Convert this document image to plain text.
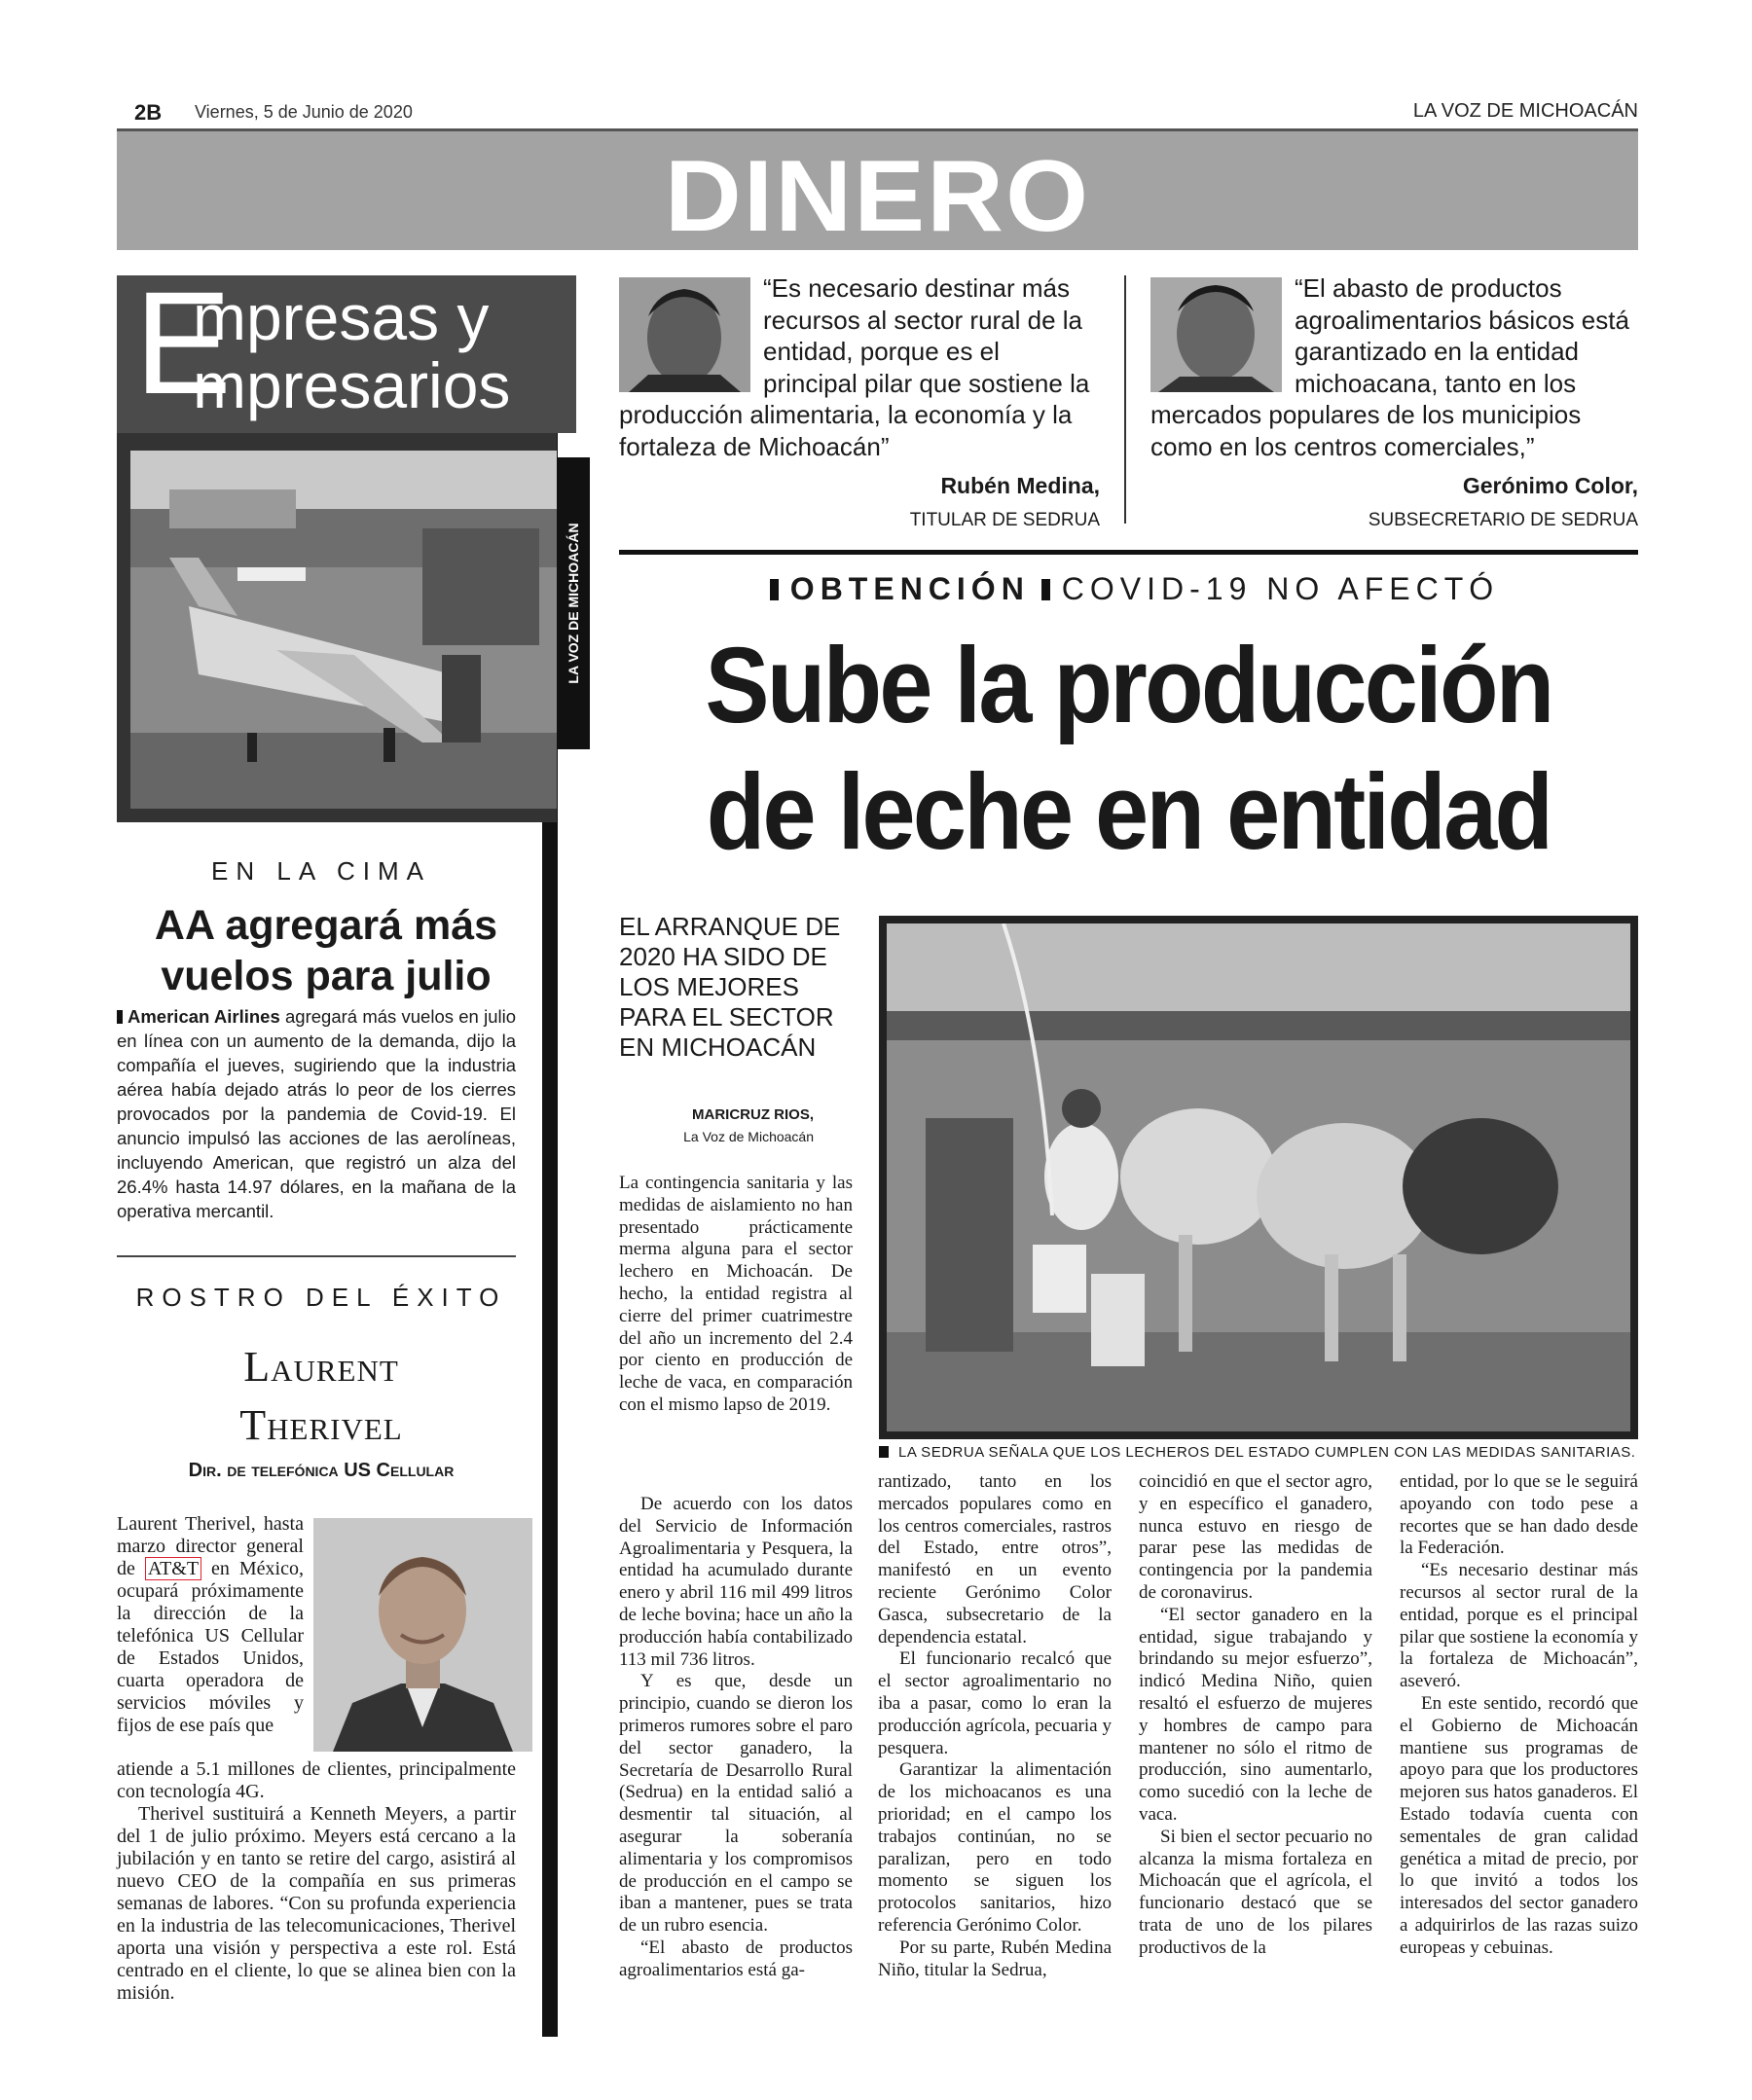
2B Viernes, 5 de Junio de 2020	LA VOZ DE MICHOACÁN
DINERO
E
mpresas y
mpresarios
LA VOZ DE MICHOACÁN
EN LA CIMA
AA agregará más vuelos para julio
American Airlines agregará más vuelos en julio en línea con un aumento de la demanda, dijo la compañía el jueves, sugiriendo que la industria aérea había dejado atrás lo peor de los cierres provocados por la pandemia de Covid-19. El anuncio impulsó las acciones de las aerolíneas, incluyendo American, que registró un alza del 26.4% hasta 14.97 dólares, en la mañana de la operativa mercantil.
ROSTRO DEL ÉXITO
Laurent
Therivel
Dir. de telefónica US Cellular
Laurent Therivel, hasta marzo director general de AT&T en México, ocupará próximamente la dirección de la telefónica US Cellular de Estados Unidos, cuarta operadora de servicios móviles y fijos de ese país que

atiende a 5.1 millones de clientes, principalmente con tecnología 4G.

Therivel sustituirá a Kenneth Meyers, a partir del 1 de julio próximo. Meyers está cercano a la jubilación y en tanto se retire del cargo, asistirá al nuevo CEO de la compañía en sus primeras semanas de labores. “Con su profunda experiencia en la industria de las telecomunicaciones, Therivel aporta una visión y perspectiva a este rol. Está centrado en el cliente, lo que se alinea bien con la misión.

“Es necesario destinar más recursos al sector rural de la entidad, porque es el principal pilar que sostiene la producción alimentaria, la economía y la fortaleza de Michoacán”
Rubén Medina,
TITULAR DE SEDRUA
“El abasto de productos agroalimentarios básicos está garantizado en la entidad michoacana, tanto en los mercados populares de los municipios como en los centros comerciales,”
Gerónimo Color,
SUBSECRETARIO DE SEDRUA
OBTENCIÓN COVID-19 NO AFECTÓ
Sube la producción
de leche en entidad
EL ARRANQUE DE 2020 HA SIDO DE LOS MEJORES PARA EL SECTOR EN MICHOACÁN
MARICRUZ RIOS,
La Voz de Michoacán
LA SEDRUA SEÑALA QUE LOS LECHEROS DEL ESTADO CUMPLEN CON LAS MEDIDAS SANITARIAS.

La contingencia sanitaria y las medidas de aislamiento no han presentado prácticamente merma alguna para el sector lechero en Michoacán. De hecho, la entidad registra al cierre del primer cuatrimestre del año un incremento del 2.4 por ciento en producción de leche de vaca, en comparación con el mismo lapso de 2019.

De acuerdo con los datos del Servicio de Información Agroalimentaria y Pesquera, la entidad ha acumulado durante enero y abril 116 mil 499 litros de leche bovina; hace un año la producción había contabilizado 113 mil 736 litros.

Y es que, desde un principio, cuando se dieron los primeros rumores sobre el paro del sector ganadero, la Secretaría de Desarrollo Rural (Sedrua) en la entidad salió a desmentir tal situación, al asegurar la soberanía alimentaria y los compromisos de producción en el campo se iban a mantener, pues se trata de un rubro esencia.

“El abasto de productos agroalimentarios está ga-

rantizado, tanto en los mercados populares como en los centros comerciales, rastros del Estado, entre otros”, manifestó en un evento reciente Gerónimo Color Gasca, subsecretario de la dependencia estatal.

El funcionario recalcó que el sector agroalimentario no iba a pasar, como lo eran la producción agrícola, pecuaria y pesquera.

Garantizar la alimentación de los michoacanos es una prioridad; en el campo los trabajos continúan, no se paralizan, pero en todo momento se siguen los protocolos sanitarios, hizo referencia Gerónimo Color.

Por su parte, Rubén Medina Niño, titular la Sedrua,

coincidió en que el sector agro, y en específico el ganadero, nunca estuvo en riesgo de parar pese las medidas de contingencia por la pandemia de coronavirus.

“El sector ganadero en la entidad, sigue trabajando y brindando su mejor esfuerzo”, indicó Medina Niño, quien resaltó el esfuerzo de mujeres y hombres de campo para mantener no sólo el ritmo de producción, sino aumentarlo, como sucedió con la leche de vaca.

Si bien el sector pecuario no alcanza la misma fortaleza en Michoacán que el agrícola, el funcionario destacó que se trata de uno de los pilares productivos de la

entidad, por lo que se le seguirá apoyando con todo pese a recortes que se han dado desde la Federación.

“Es necesario destinar más recursos al sector rural de la entidad, porque es el principal pilar que sostiene la economía y la fortaleza de Michoacán”, aseveró.

En este sentido, recordó que el Gobierno de Michoacán mantiene sus programas de apoyo para que los productores mejoren sus hatos ganaderos. El Estado todavía cuenta con sementales de gran calidad genética a mitad de precio, por lo que invitó a todos los interesados del sector ganadero a adquirirlos de las razas suizo europeas y cebuinas.
